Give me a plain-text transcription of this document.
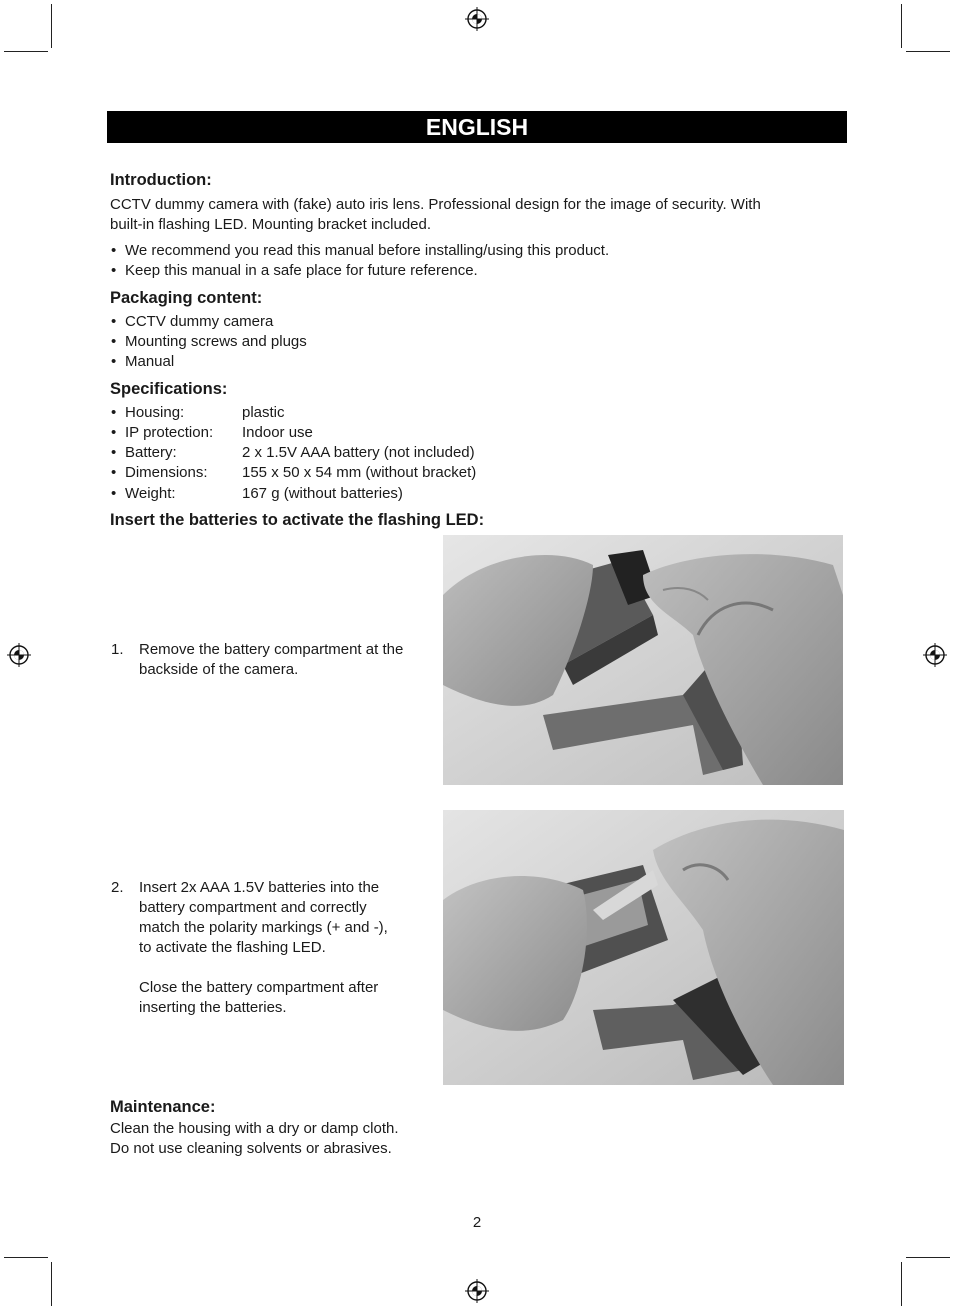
ENGLISH
Introduction:
CCTV dummy camera with (fake) auto iris lens. Professional design for the image of security. With
built-in flashing LED. Mounting bracket included.
• We recommend you read this manual before installing/using this product.
• Keep this manual in a safe place for future reference.
Packaging content:
• CCTV dummy camera
• Mounting screws and plugs
• Manual
Specifications:
• Housing:	plastic
• IP protection: Indoor use
• Battery:	2 x 1.5V AAA battery (not included)
• Dimensions: 155 x 50 x 54 mm (without bracket)
• Weight:	167 g (without batteries)
Insert the batteries to activate the flashing LED:
1. Remove the battery compartment at the
backside of the camera.
2. Insert 2x AAA 1.5V batteries into the
battery compartment and correctly
match the polarity markings (+ and -),
to activate the flashing LED.
Close the battery compartment after
inserting the batteries.
Maintenance:
Clean the housing with a dry or damp cloth.
Do not use cleaning solvents or abrasives.
2
